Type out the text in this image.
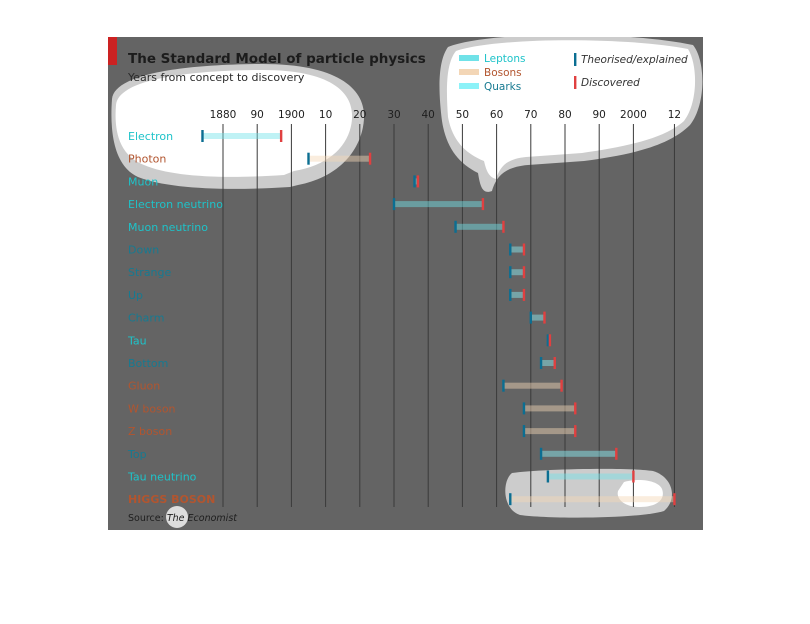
1880 90 1900 10 20 30 40 50 60 70 80 90 2000 12
Electron
Photon
Muon
Electron neutrino
Muon neutrino
Down
Strange
Up
Charm
Tau
Bottom
Gluon
W boson
Z boson
Top
Tau neutrino
HIGGS BOSON
The Standard Model of particle physics
Years from concept to discovery
Leptons
Bosons
Quarks
Theorised/explained
Discovered
Source: The Economist
